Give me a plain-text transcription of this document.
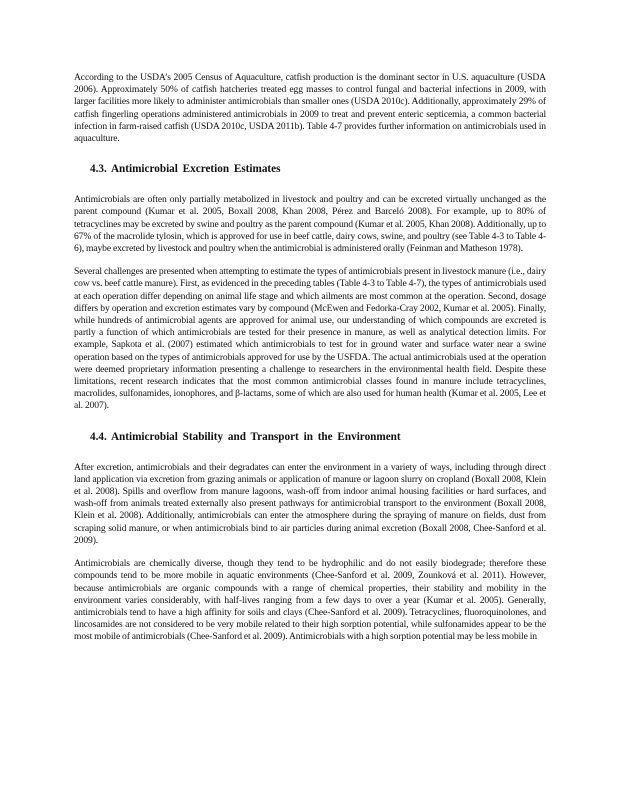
According to the USDA’s 2005 Census of Aquaculture, catfish production is the dominant sector in U.S. aquaculture (USDA 2006). Approximately 50% of catfish hatcheries treated egg masses to control fungal and bacterial infections in 2009, with larger facilities more likely to administer antimicrobials than smaller ones (USDA 2010c). Additionally, approximately 29% of catfish fingerling operations administered antimicrobials in 2009 to treat and prevent enteric septicemia, a common bacterial infection in farm-raised catfish (USDA 2010c, USDA 2011b). Table 4-7 provides further information on antimicrobials used in aquaculture.

4.3. Antimicrobial Excretion Estimates

Antimicrobials are often only partially metabolized in livestock and poultry and can be excreted virtually unchanged as the parent compound (Kumar et al. 2005, Boxall 2008, Khan 2008, Pérez and Barceló 2008). For example, up to 80% of tetracyclines may be excreted by swine and poultry as the parent compound (Kumar et al. 2005, Khan 2008). Additionally, up to 67% of the macrolide tylosin, which is approved for use in beef cattle, dairy cows, swine, and poultry (see Table 4-3 to Table 4-6), maybe excreted by livestock and poultry when the antimicrobial is administered orally (Feinman and Matheson 1978).

Several challenges are presented when attempting to estimate the types of antimicrobials present in livestock manure (i.e., dairy cow vs. beef cattle manure). First, as evidenced in the preceding tables (Table 4-3 to Table 4-7), the types of antimicrobials used at each operation differ depending on animal life stage and which ailments are most common at the operation. Second, dosage differs by operation and excretion estimates vary by compound (McEwen and Fedorka-Cray 2002, Kumar et al. 2005). Finally, while hundreds of antimicrobial agents are approved for animal use, our understanding of which compounds are excreted is partly a function of which antimicrobials are tested for their presence in manure, as well as analytical detection limits. For example, Sapkota et al. (2007) estimated which antimicrobials to test for in ground water and surface water near a swine operation based on the types of antimicrobials approved for use by the USFDA. The actual antimicrobials used at the operation were deemed proprietary information presenting a challenge to researchers in the environmental health field. Despite these limitations, recent research indicates that the most common antimicrobial classes found in manure include tetracyclines, macrolides, sulfonamides, ionophores, and β-lactams, some of which are also used for human health (Kumar et al. 2005, Lee et al. 2007).

4.4. Antimicrobial Stability and Transport in the Environment

After excretion, antimicrobials and their degradates can enter the environment in a variety of ways, including through direct land application via excretion from grazing animals or application of manure or lagoon slurry on cropland (Boxall 2008, Klein et al. 2008). Spills and overflow from manure lagoons, wash-off from indoor animal housing facilities or hard surfaces, and wash-off from animals treated externally also present pathways for antimicrobial transport to the environment (Boxall 2008, Klein et al. 2008). Additionally, antimicrobials can enter the atmosphere during the spraying of manure on fields, dust from scraping solid manure, or when antimicrobials bind to air particles during animal excretion (Boxall 2008, Chee-Sanford et al. 2009).

Antimicrobials are chemically diverse, though they tend to be hydrophilic and do not easily biodegrade; therefore these compounds tend to be more mobile in aquatic environments (Chee-Sanford et al. 2009, Zounková et al. 2011). However, because antimicrobials are organic compounds with a range of chemical properties, their stability and mobility in the environment varies considerably, with half-lives ranging from a few days to over a year (Kumar et al. 2005). Generally, antimicrobials tend to have a high affinity for soils and clays (Chee-Sanford et al. 2009). Tetracyclines, fluoroquinolones, and lincosamides are not considered to be very mobile related to their high sorption potential, while sulfonamides appear to be the most mobile of antimicrobials (Chee-Sanford et al. 2009). Antimicrobials with a high sorption potential may be less mobile in
